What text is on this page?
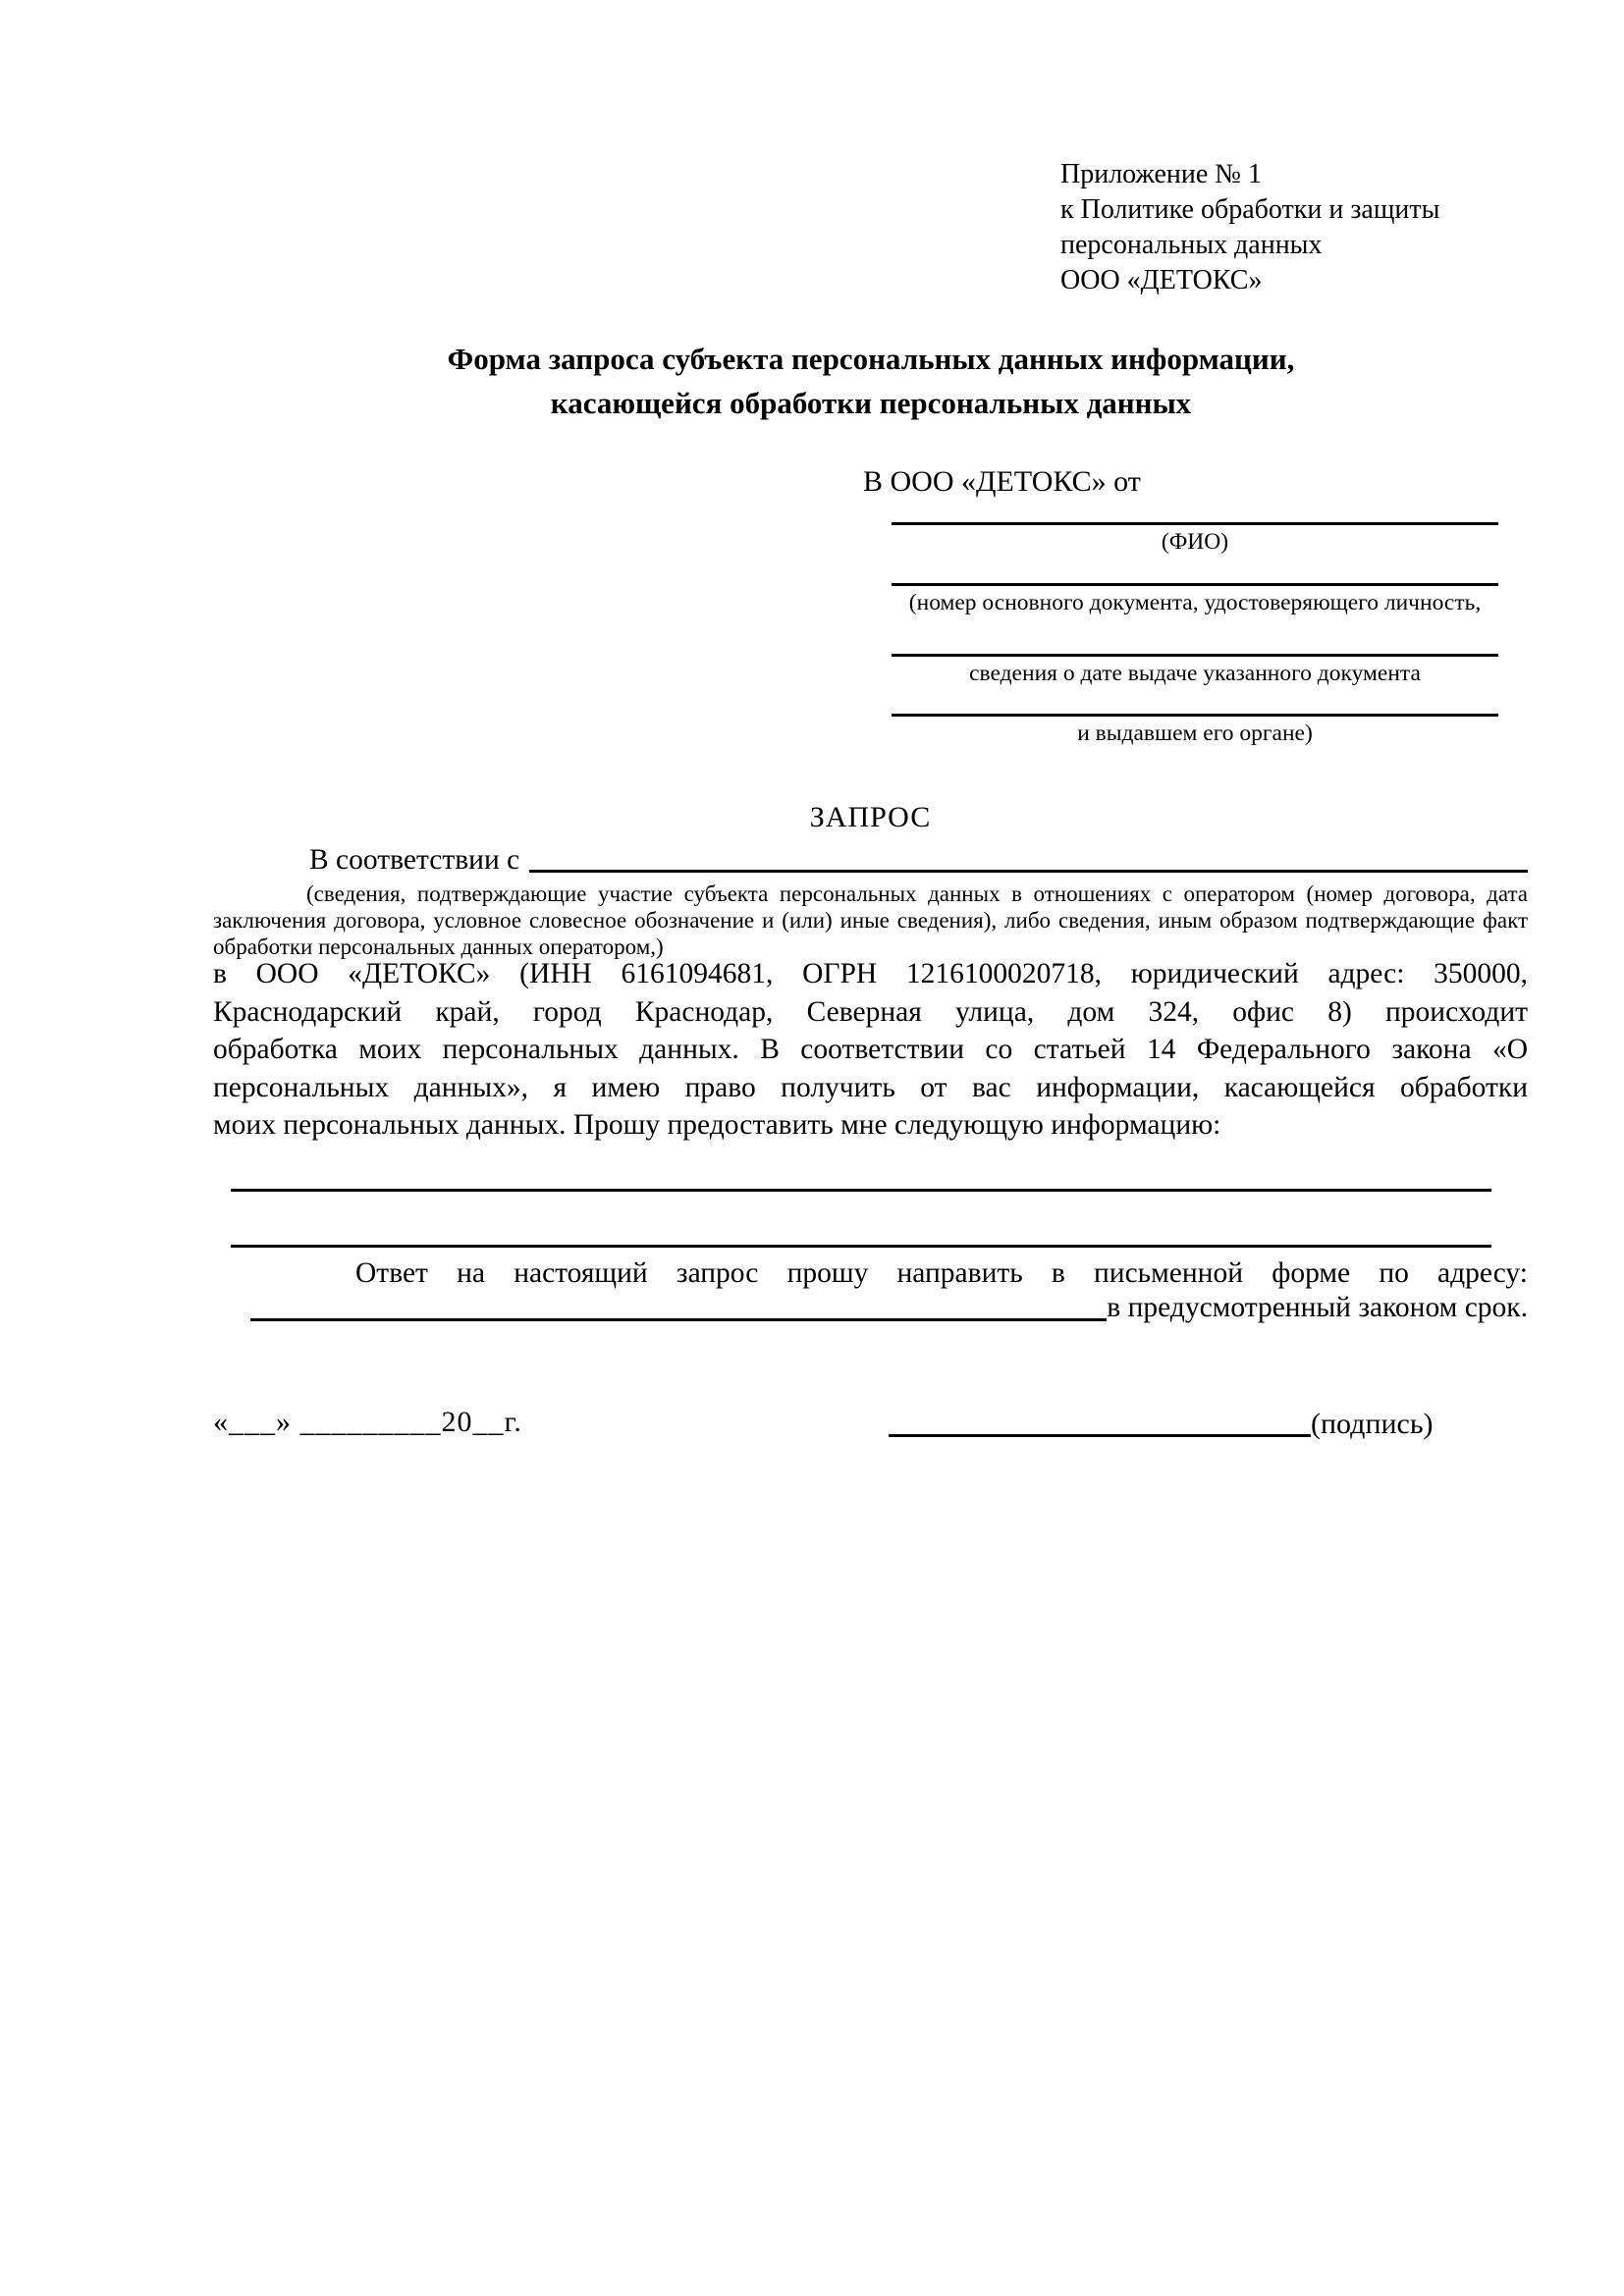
Приложение № 1
к Политике обработки и защиты
персональных данных
ООО «ДЕТОКС»
Форма запроса субъекта персональных данных информации,
касающейся обработки персональных данных
В ООО «ДЕТОКС» от
(ФИО)
(номер основного документа, удостоверяющего личность,
сведения о дате выдаче указанного документа
и выдавшем его органе)
ЗАПРОС
В соответствии с
(сведения, подтверждающие участие субъекта персональных данных в отношениях с оператором (номер договора, дата
заключения договора, условное словесное обозначение и (или) иные сведения), либо сведения, иным образом подтверждающие факт
обработки персональных данных оператором,)
в ООО «ДЕТОКС» (ИНН 6161094681, ОГРН 1216100020718, юридический адрес: 350000,
Краснодарский край, город Краснодар, Северная улица, дом 324, офис 8) происходит
обработка моих персональных данных. В соответствии со статьей 14 Федерального закона «О
персональных данных», я имею право получить от вас информации, касающейся обработки
моих персональных данных. Прошу предоставить мне следующую информацию:
Ответ на настоящий запрос прошу направить в письменной форме по адресу:
в предусмотренный законом срок.
«___» _________20__г.	(подпись)
